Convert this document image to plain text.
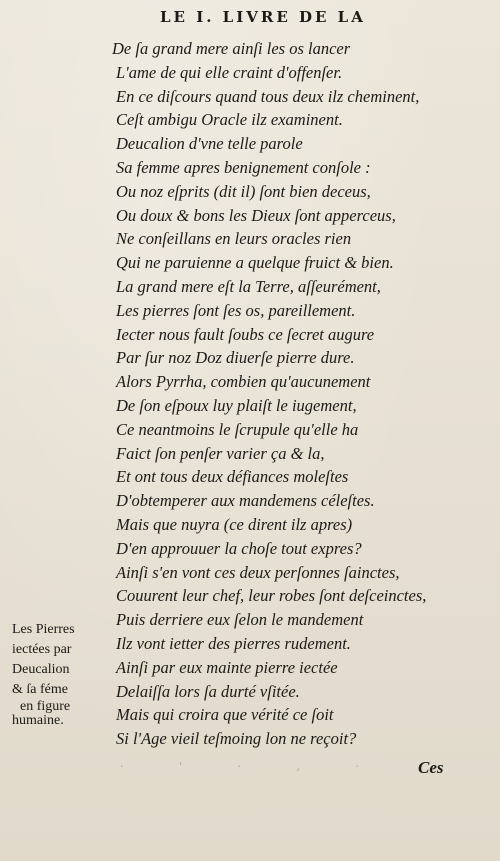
LE I. LIVRE DE LA
De ſa grand mere ainſi les os lancer
L'ame de qui elle craint d'offenſer.
En ce diſcours quand tous deux ilz cheminent,
Ceſt ambigu Oracle ilz examinent.
Deucalion d'vne telle parole
Sa femme apres benignement conſole :
Ou noz eſprits (dit il) ſont bien deceus,
Ou doux & bons les Dieux ſont apperceus,
Ne conſeillans en leurs oracles rien
Qui ne paruienne a quelque fruict & bien.
La grand mere eſt la Terre, aſſeurément,
Les pierres ſont ſes os, pareillement.
Iecter nous fault ſoubs ce ſecret augure
Par ſur noz Doz diuerſe pierre dure.
Alors Pyrrha, combien qu'aucunement
De ſon eſpoux luy plaiſt le iugement,
Ce neantmoins le ſcrupule qu'elle ha
Faict ſon penſer varier ça & la,
Et ont tous deux défiances moleſtes
D'obtemperer aux mandemens céleſtes.
Mais que nuyra (ce dirent ilz apres)
D'en approuuer la choſe tout expres?
Ainſi s'en vont ces deux perſonnes ſainctes,
Couurent leur chef, leur robes ſont deſceinctes,
Puis derriere eux ſelon le mandement
Ilz vont ietter des pierres rudement.
Ainſi par eux mainte pierre iectée
Delaiſſa lors ſa durté vſitée.
Mais qui croira que vérité ce ſoit
Si l'Age vieil teſmoing lon ne reçoit?
Les Pierres
iectées par
Deucalion
& ſa féme
en figure
humaine.
Ces
· ' · , ·
